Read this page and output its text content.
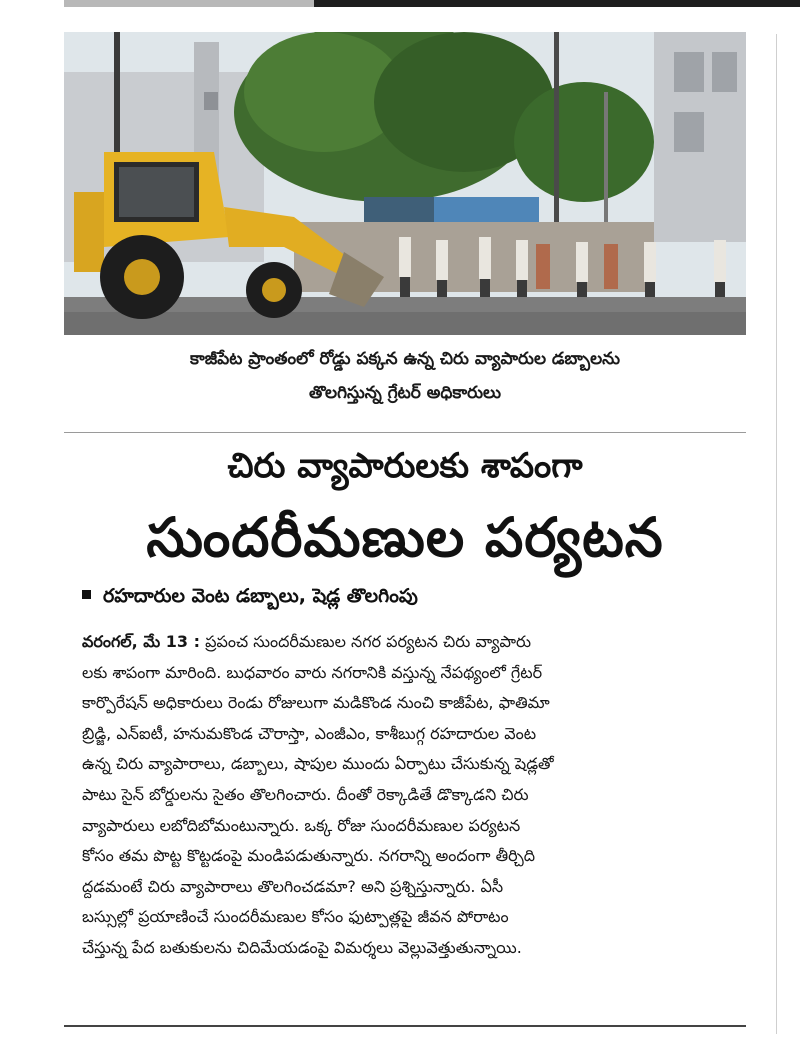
కాజీపేట ప్రాంతంలో రోడ్డు పక్కన ఉన్న చిరు వ్యాపారుల డబ్బాలను
తొలగిస్తున్న గ్రేటర్ అధికారులు
చిరు వ్యాపారులకు శాపంగా
సుందరీమణుల పర్యటన
రహదారుల వెంట డబ్బాలు, షెడ్ల తొలగింపు
వరంగల్, మే 13 : ప్రపంచ సుందరీమణుల నగర పర్యటన చిరు వ్యాపారు
లకు శాపంగా మారింది. బుధవారం వారు నగరానికి వస్తున్న నేపథ్యంలో గ్రేటర్
కార్పొరేషన్ అధికారులు రెండు రోజులుగా మడికొండ నుంచి కాజీపేట, ఫాతిమా
బ్రిడ్జి, ఎన్ఐటీ, హనుమకొండ చౌరాస్తా, ఎంజీఎం, కాశీబుగ్గ రహదారుల వెంట
ఉన్న చిరు వ్యాపారాలు, డబ్బాలు, షాపుల ముందు ఏర్పాటు చేసుకున్న షెడ్లతో
పాటు సైన్ బోర్డులను సైతం తొలగించారు. దీంతో రెక్కాడితే డొక్కాడని చిరు
వ్యాపారులు లబోదిబోమంటున్నారు. ఒక్క రోజు సుందరీమణుల పర్యటన
కోసం తమ పొట్ట కొట్టడంపై మండిపడుతున్నారు. నగరాన్ని అందంగా తీర్చిది
ద్దడమంటే చిరు వ్యాపారాలు తొలగించడమా? అని ప్రశ్నిస్తున్నారు. ఏసీ
బస్సుల్లో ప్రయాణించే సుందరీమణుల కోసం ఫుట్పాత్లపై జీవన పోరాటం
చేస్తున్న పేద బతుకులను చిదిమేయడంపై విమర్శలు వెల్లువెత్తుతున్నాయి.
